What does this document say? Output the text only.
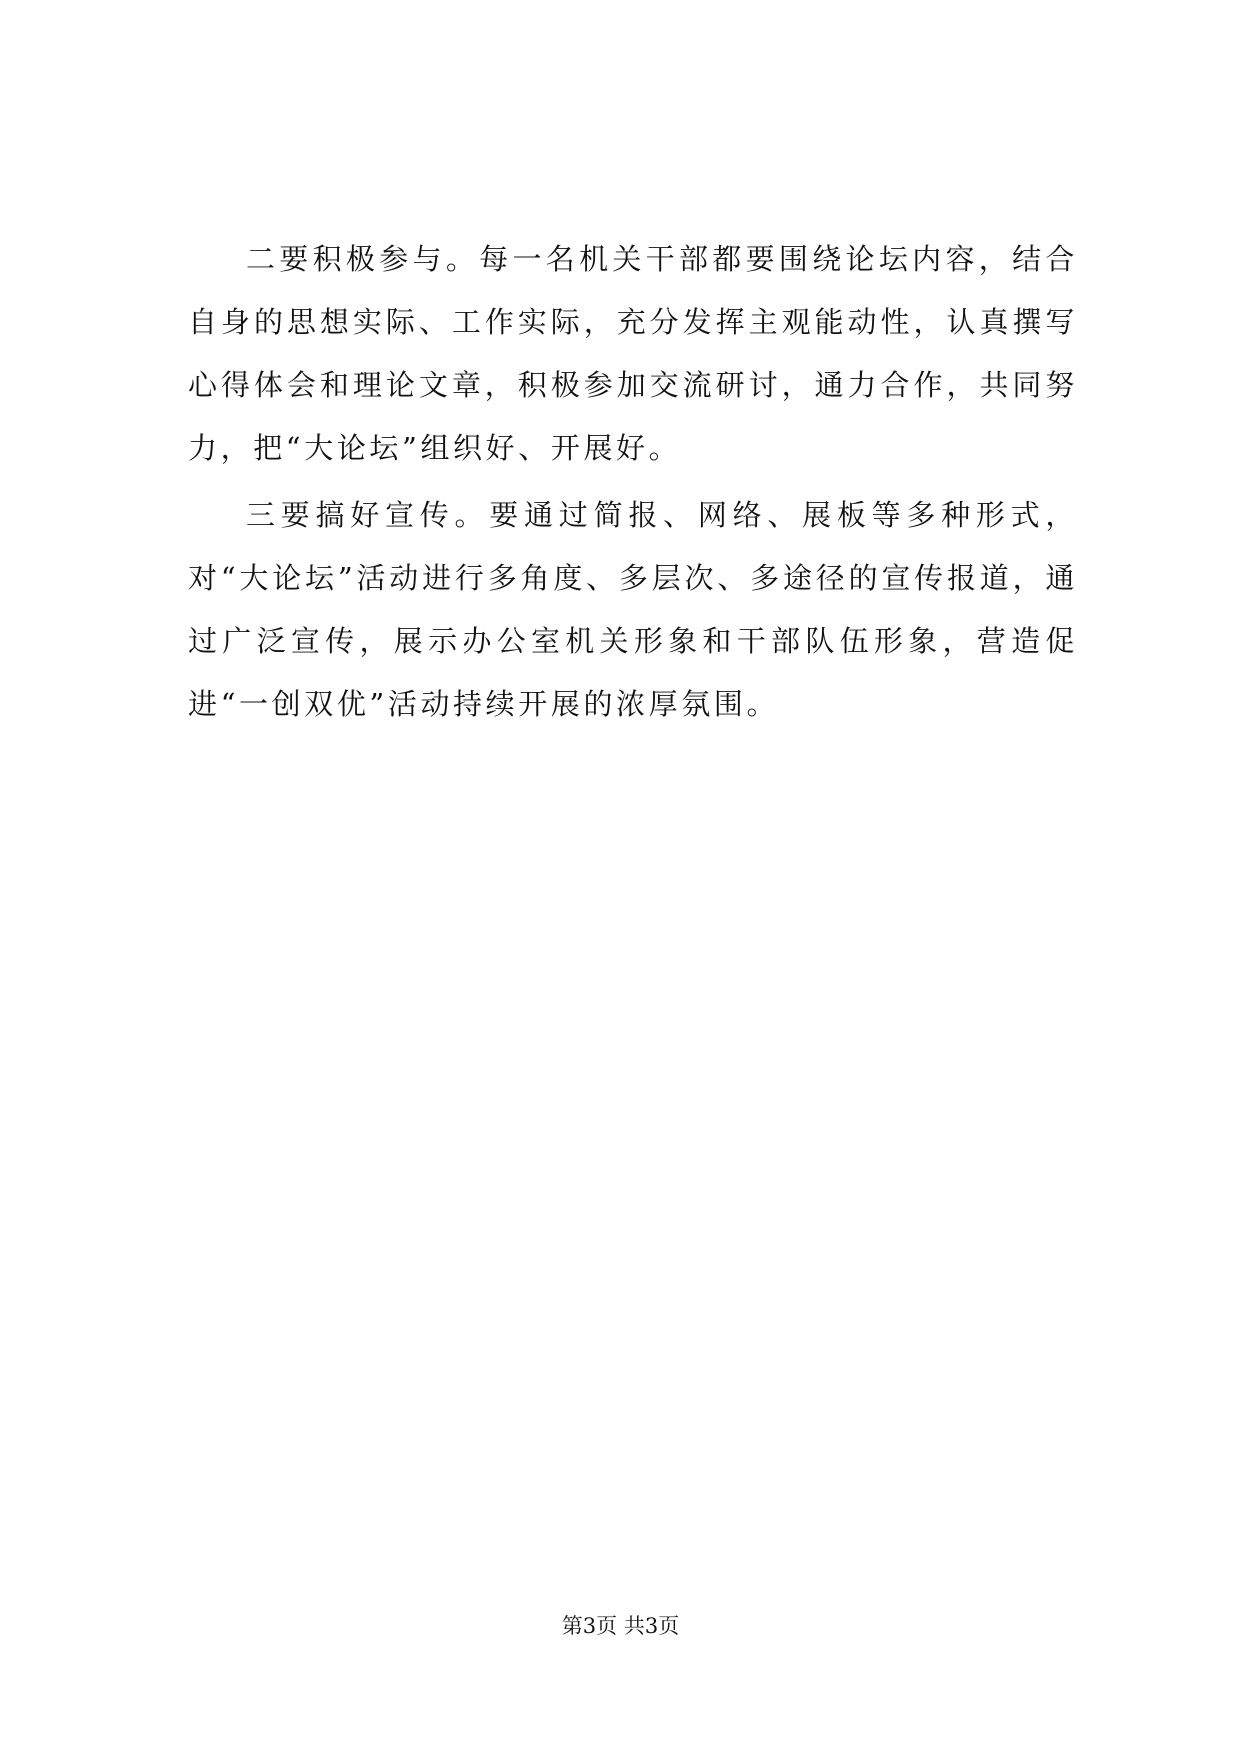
二要积极参与。每一名机关干部都要围绕论坛内容，结合自身的思想实际、工作实际，充分发挥主观能动性，认真撰写心得体会和理论文章，积极参加交流研讨，通力合作，共同努力，把“大论坛”组织好、开展好。

三要搞好宣传。要通过简报、网络、展板等多种形式，对“大论坛”活动进行多角度、多层次、多途径的宣传报道，通过广泛宣传，展示办公室机关形象和干部队伍形象，营造促进“一创双优”活动持续开展的浓厚氛围。

第3页 共3页
